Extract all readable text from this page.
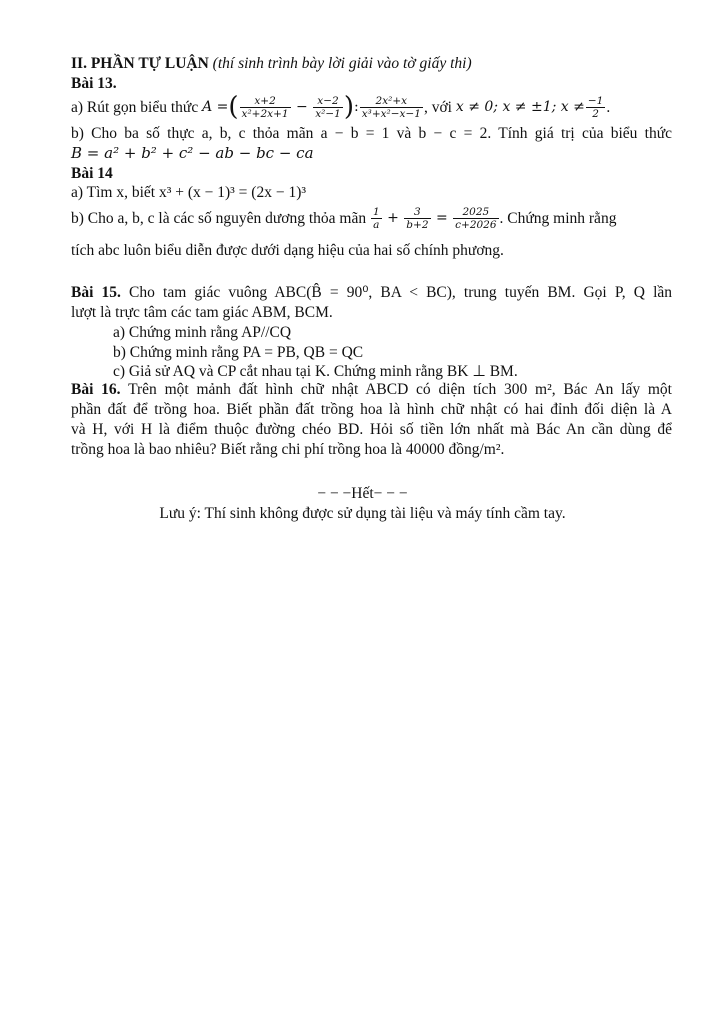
II. PHẦN TỰ LUẬN (thí sinh trình bày lời giải vào tờ giấy thi)
Bài 13.
a) Rút gọn biểu thức
A = ( $\frac{x+2}{\text{x²+2x+1}} - \frac{x-2}{\text{x²−1}}$ ) : $\frac{\text{2x²+x}}{\text{x³+x²−x−1}}$ , với
x ≠ 0; x ≠ ±1; $x \ne \frac{-1}{2}$ .
b) Cho ba số thực a, b, c thỏa mãn a − b = 1 và b − c = 2. Tính giá trị của biểu thức
B = a² + b² + c² − ab − bc − ca
Bài 14
a) Tìm x, biết x³ + (x − 1)³ = (2x − 1)³
b) Cho a, b, c là các số nguyên dương thỏa mãn
$\frac{1}{a} + \frac{3}{b+2} = \frac{2025}{c+2026}$ . Chứng minh rằng
tích abc luôn biểu diễn được dưới dạng hiệu của hai số chính phương.
Bài 15. Cho tam giác vuông ABC(B̂ = 90⁰, BA < BC), trung tuyến BM. Gọi P, Q lần
lượt là trực tâm các tam giác ABM, BCM.
a) Chứng minh rằng AP//CQ
b) Chứng minh rằng PA = PB, QB = QC
c) Giả sử AQ và CP cắt nhau tại K. Chứng minh rằng BK ⊥ BM.
Bài 16. Trên một mảnh đất hình chữ nhật ABCD có diện tích 300 m², Bác An lấy một
phần đất để trồng hoa. Biết phần đất trồng hoa là hình chữ nhật có hai đỉnh đối diện là A
và H, với H là điểm thuộc đường chéo BD. Hỏi số tiền lớn nhất mà Bác An cần dùng để
trồng hoa là bao nhiêu? Biết rằng chi phí trồng hoa là 40000 đồng/m².
− − −Hết− − −
Lưu ý: Thí sinh không được sử dụng tài liệu và máy tính cầm tay.
